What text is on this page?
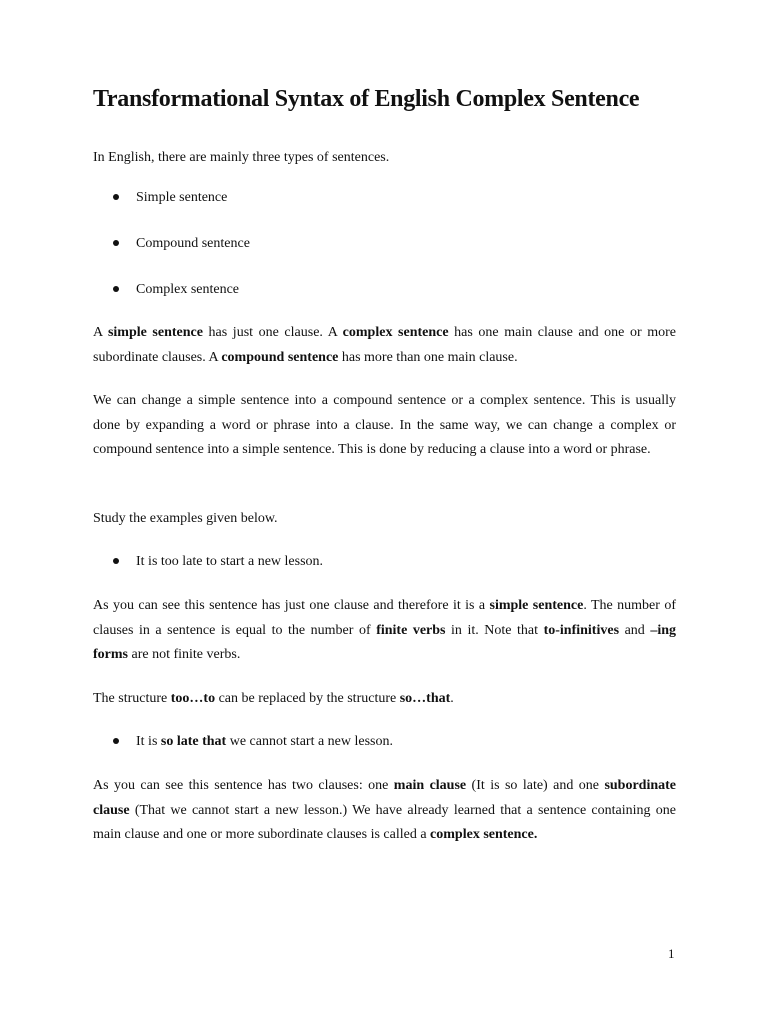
Transformational Syntax of English Complex Sentence

In English, there are mainly three types of sentences.

Simple sentence

Compound sentence

Complex sentence

A simple sentence has just one clause. A complex sentence has one main clause and one or more subordinate clauses. A compound sentence has more than one main clause.

We can change a simple sentence into a compound sentence or a complex sentence. This is usually done by expanding a word or phrase into a clause. In the same way, we can change a complex or compound sentence into a simple sentence. This is done by reducing a clause into a word or phrase.

Study the examples given below.

It is too late to start a new lesson.

As you can see this sentence has just one clause and therefore it is a simple sentence. The number of clauses in a sentence is equal to the number of finite verbs in it. Note that to-infinitives and –ing forms are not finite verbs.

The structure too…to can be replaced by the structure so…that.

It is so late that we cannot start a new lesson.

As you can see this sentence has two clauses: one main clause (It is so late) and one subordinate clause (That we cannot start a new lesson.) We have already learned that a sentence containing one main clause and one or more subordinate clauses is called a complex sentence.

1
